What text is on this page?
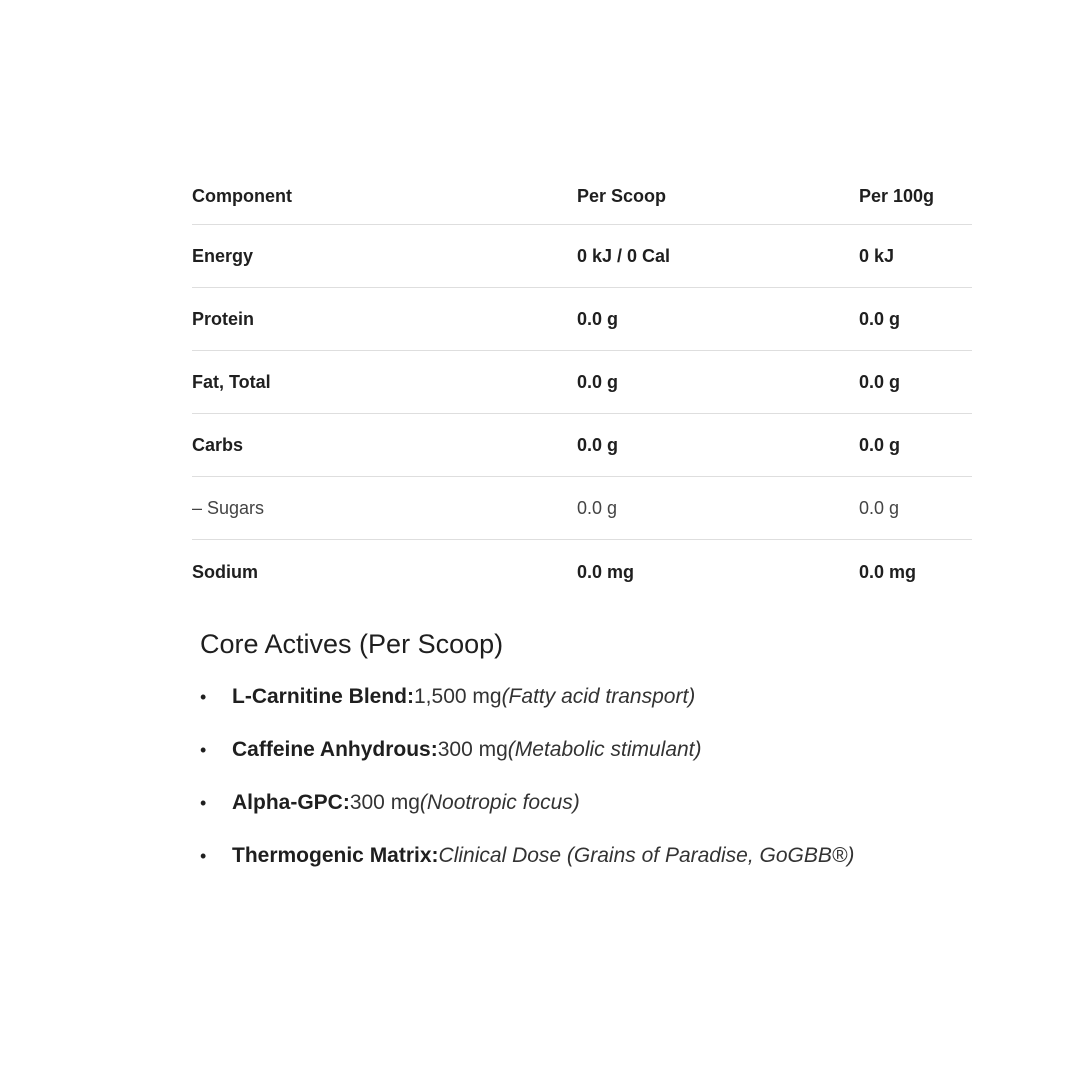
Component	Per Scoop	Per 100g
Energy	0 kJ / 0 Cal	0 kJ
Protein	0.0 g	0.0 g
Fat, Total	0.0 g	0.0 g
Carbs	0.0 g	0.0 g
– Sugars	0.0 g	0.0 g
Sodium	0.0 mg	0.0 mg
Core Actives (Per Scoop)
•	L-Carnitine Blend: 1,500 mg (Fatty acid transport)
•	Caffeine Anhydrous: 300 mg (Metabolic stimulant)
•	Alpha-GPC: 300 mg (Nootropic focus)
•	Thermogenic Matrix: Clinical Dose (Grains of Paradise, GoGBB®)
